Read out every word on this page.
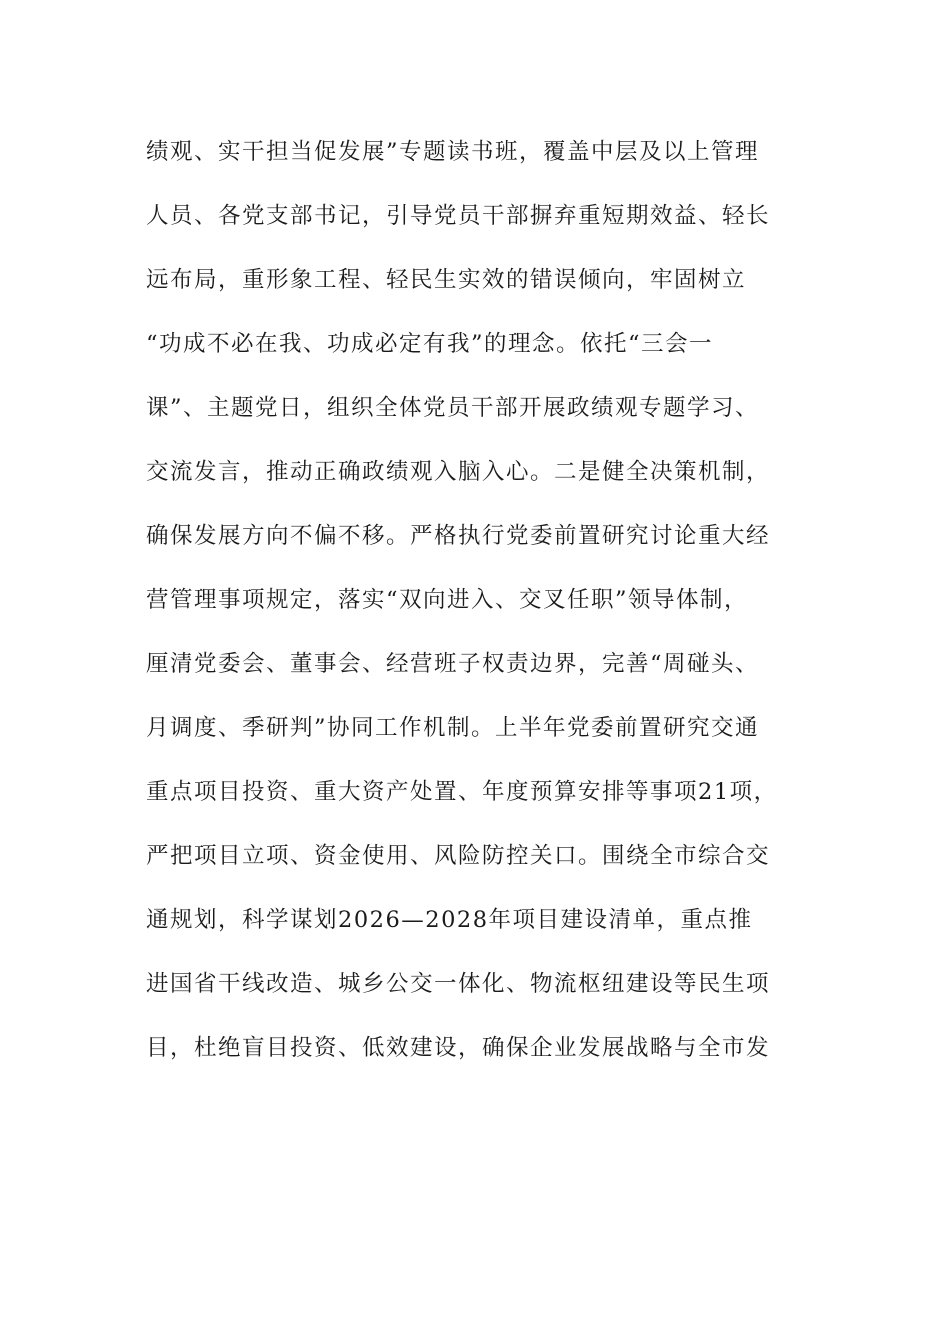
绩观、实干担当促发展”专题读书班，覆盖中层及以上管理
人员、各党支部书记，引导党员干部摒弃重短期效益、轻长
远布局，重形象工程、轻民生实效的错误倾向，牢固树立
“功成不必在我、功成必定有我”的理念。依托“三会一
课”、主题党日，组织全体党员干部开展政绩观专题学习、
交流发言，推动正确政绩观入脑入心。二是健全决策机制，
确保发展方向不偏不移。严格执行党委前置研究讨论重大经
营管理事项规定，落实“双向进入、交叉任职”领导体制，
厘清党委会、董事会、经营班子权责边界，完善“周碰头、
月调度、季研判”协同工作机制。上半年党委前置研究交通
重点项目投资、重大资产处置、年度预算安排等事项21项，
严把项目立项、资金使用、风险防控关口。围绕全市综合交
通规划，科学谋划2026—2028年项目建设清单，重点推
进国省干线改造、城乡公交一体化、物流枢纽建设等民生项
目，杜绝盲目投资、低效建设，确保企业发展战略与全市发
